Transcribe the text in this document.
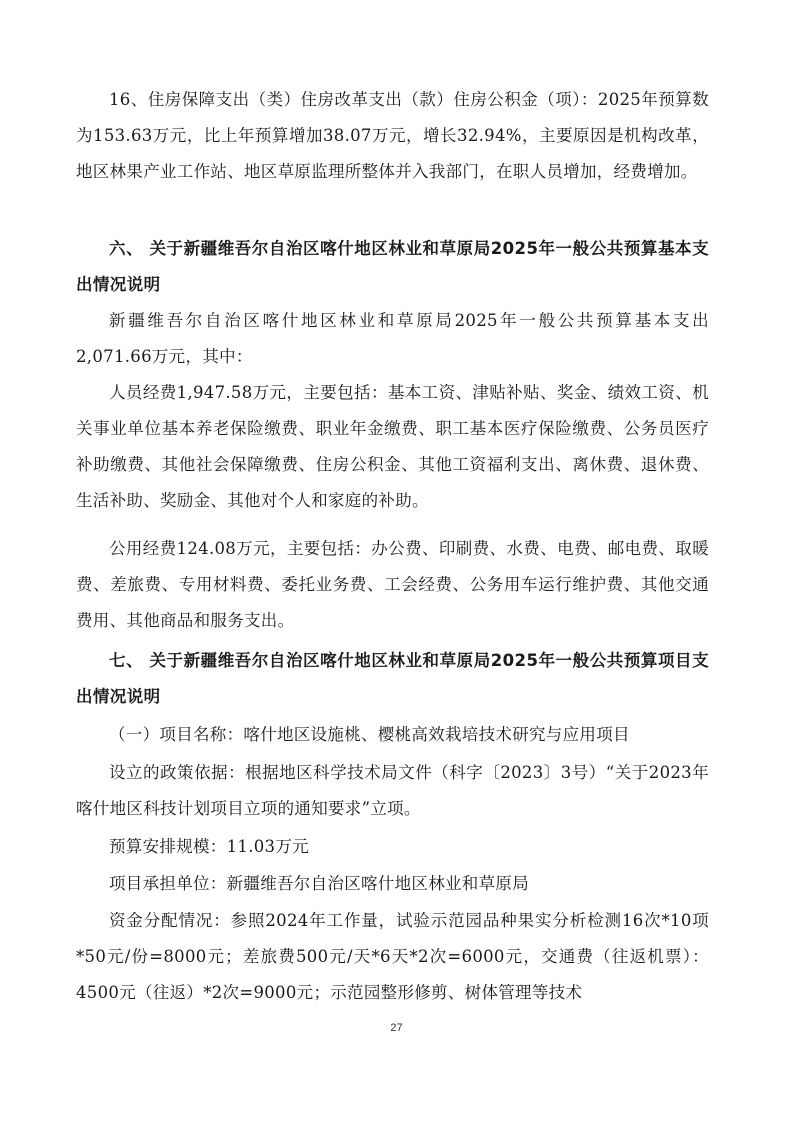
16、住房保障支出（类）住房改革支出（款）住房公积金（项）：2025年预算数为153.63万元，比上年预算增加38.07万元，增长32.94%，主要原因是机构改革，地区林果产业工作站、地区草原监理所整体并入我部门，在职人员增加，经费增加。

六、 关于新疆维吾尔自治区喀什地区林业和草原局2025年一般公共预算基本支出情况说明

新疆维吾尔自治区喀什地区林业和草原局2025年一般公共预算基本支出2,071.66万元，其中：

人员经费1,947.58万元，主要包括：基本工资、津贴补贴、奖金、绩效工资、机关事业单位基本养老保险缴费、职业年金缴费、职工基本医疗保险缴费、公务员医疗补助缴费、其他社会保障缴费、住房公积金、其他工资福利支出、离休费、退休费、生活补助、奖励金、其他对个人和家庭的补助。

公用经费124.08万元，主要包括：办公费、印刷费、水费、电费、邮电费、取暖费、差旅费、专用材料费、委托业务费、工会经费、公务用车运行维护费、其他交通费用、其他商品和服务支出。

七、 关于新疆维吾尔自治区喀什地区林业和草原局2025年一般公共预算项目支出情况说明

（一）项目名称：喀什地区设施桃、樱桃高效栽培技术研究与应用项目

设立的政策依据：根据地区科学技术局文件（科字〔2023〕3号）“关于2023年喀什地区科技计划项目立项的通知要求”立项。

预算安排规模：11.03万元

项目承担单位：新疆维吾尔自治区喀什地区林业和草原局

资金分配情况：参照2024年工作量，试验示范园品种果实分析检测16次*10项*50元/份=8000元；差旅费500元/天*6天*2次=6000元，交通费（往返机票）：4500元（往返）*2次=9000元；示范园整形修剪、树体管理等技术

27
